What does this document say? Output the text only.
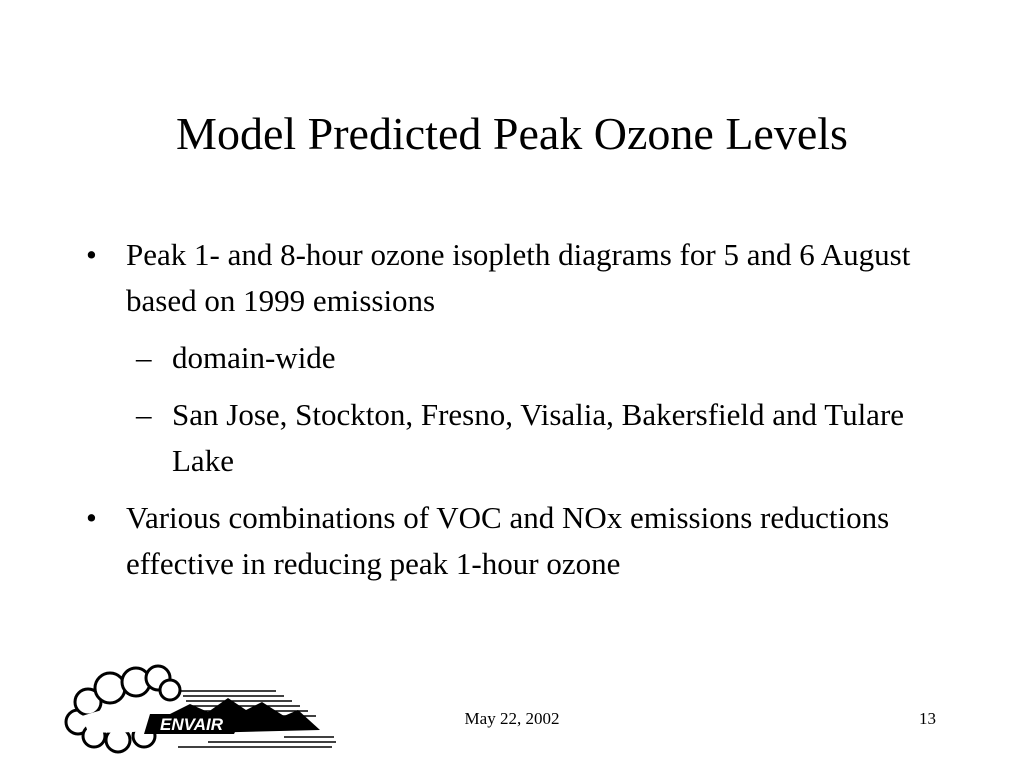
Model Predicted Peak Ozone Levels
• Peak 1- and 8-hour ozone isopleth diagrams for 5 and 6 August based on 1999 emissions
– domain-wide
– San Jose, Stockton, Fresno, Visalia, Bakersfield and Tulare Lake
• Various combinations of VOC and NOx emissions reductions effective in reducing peak 1-hour ozone
ENVAIR	May 22, 2002	13
